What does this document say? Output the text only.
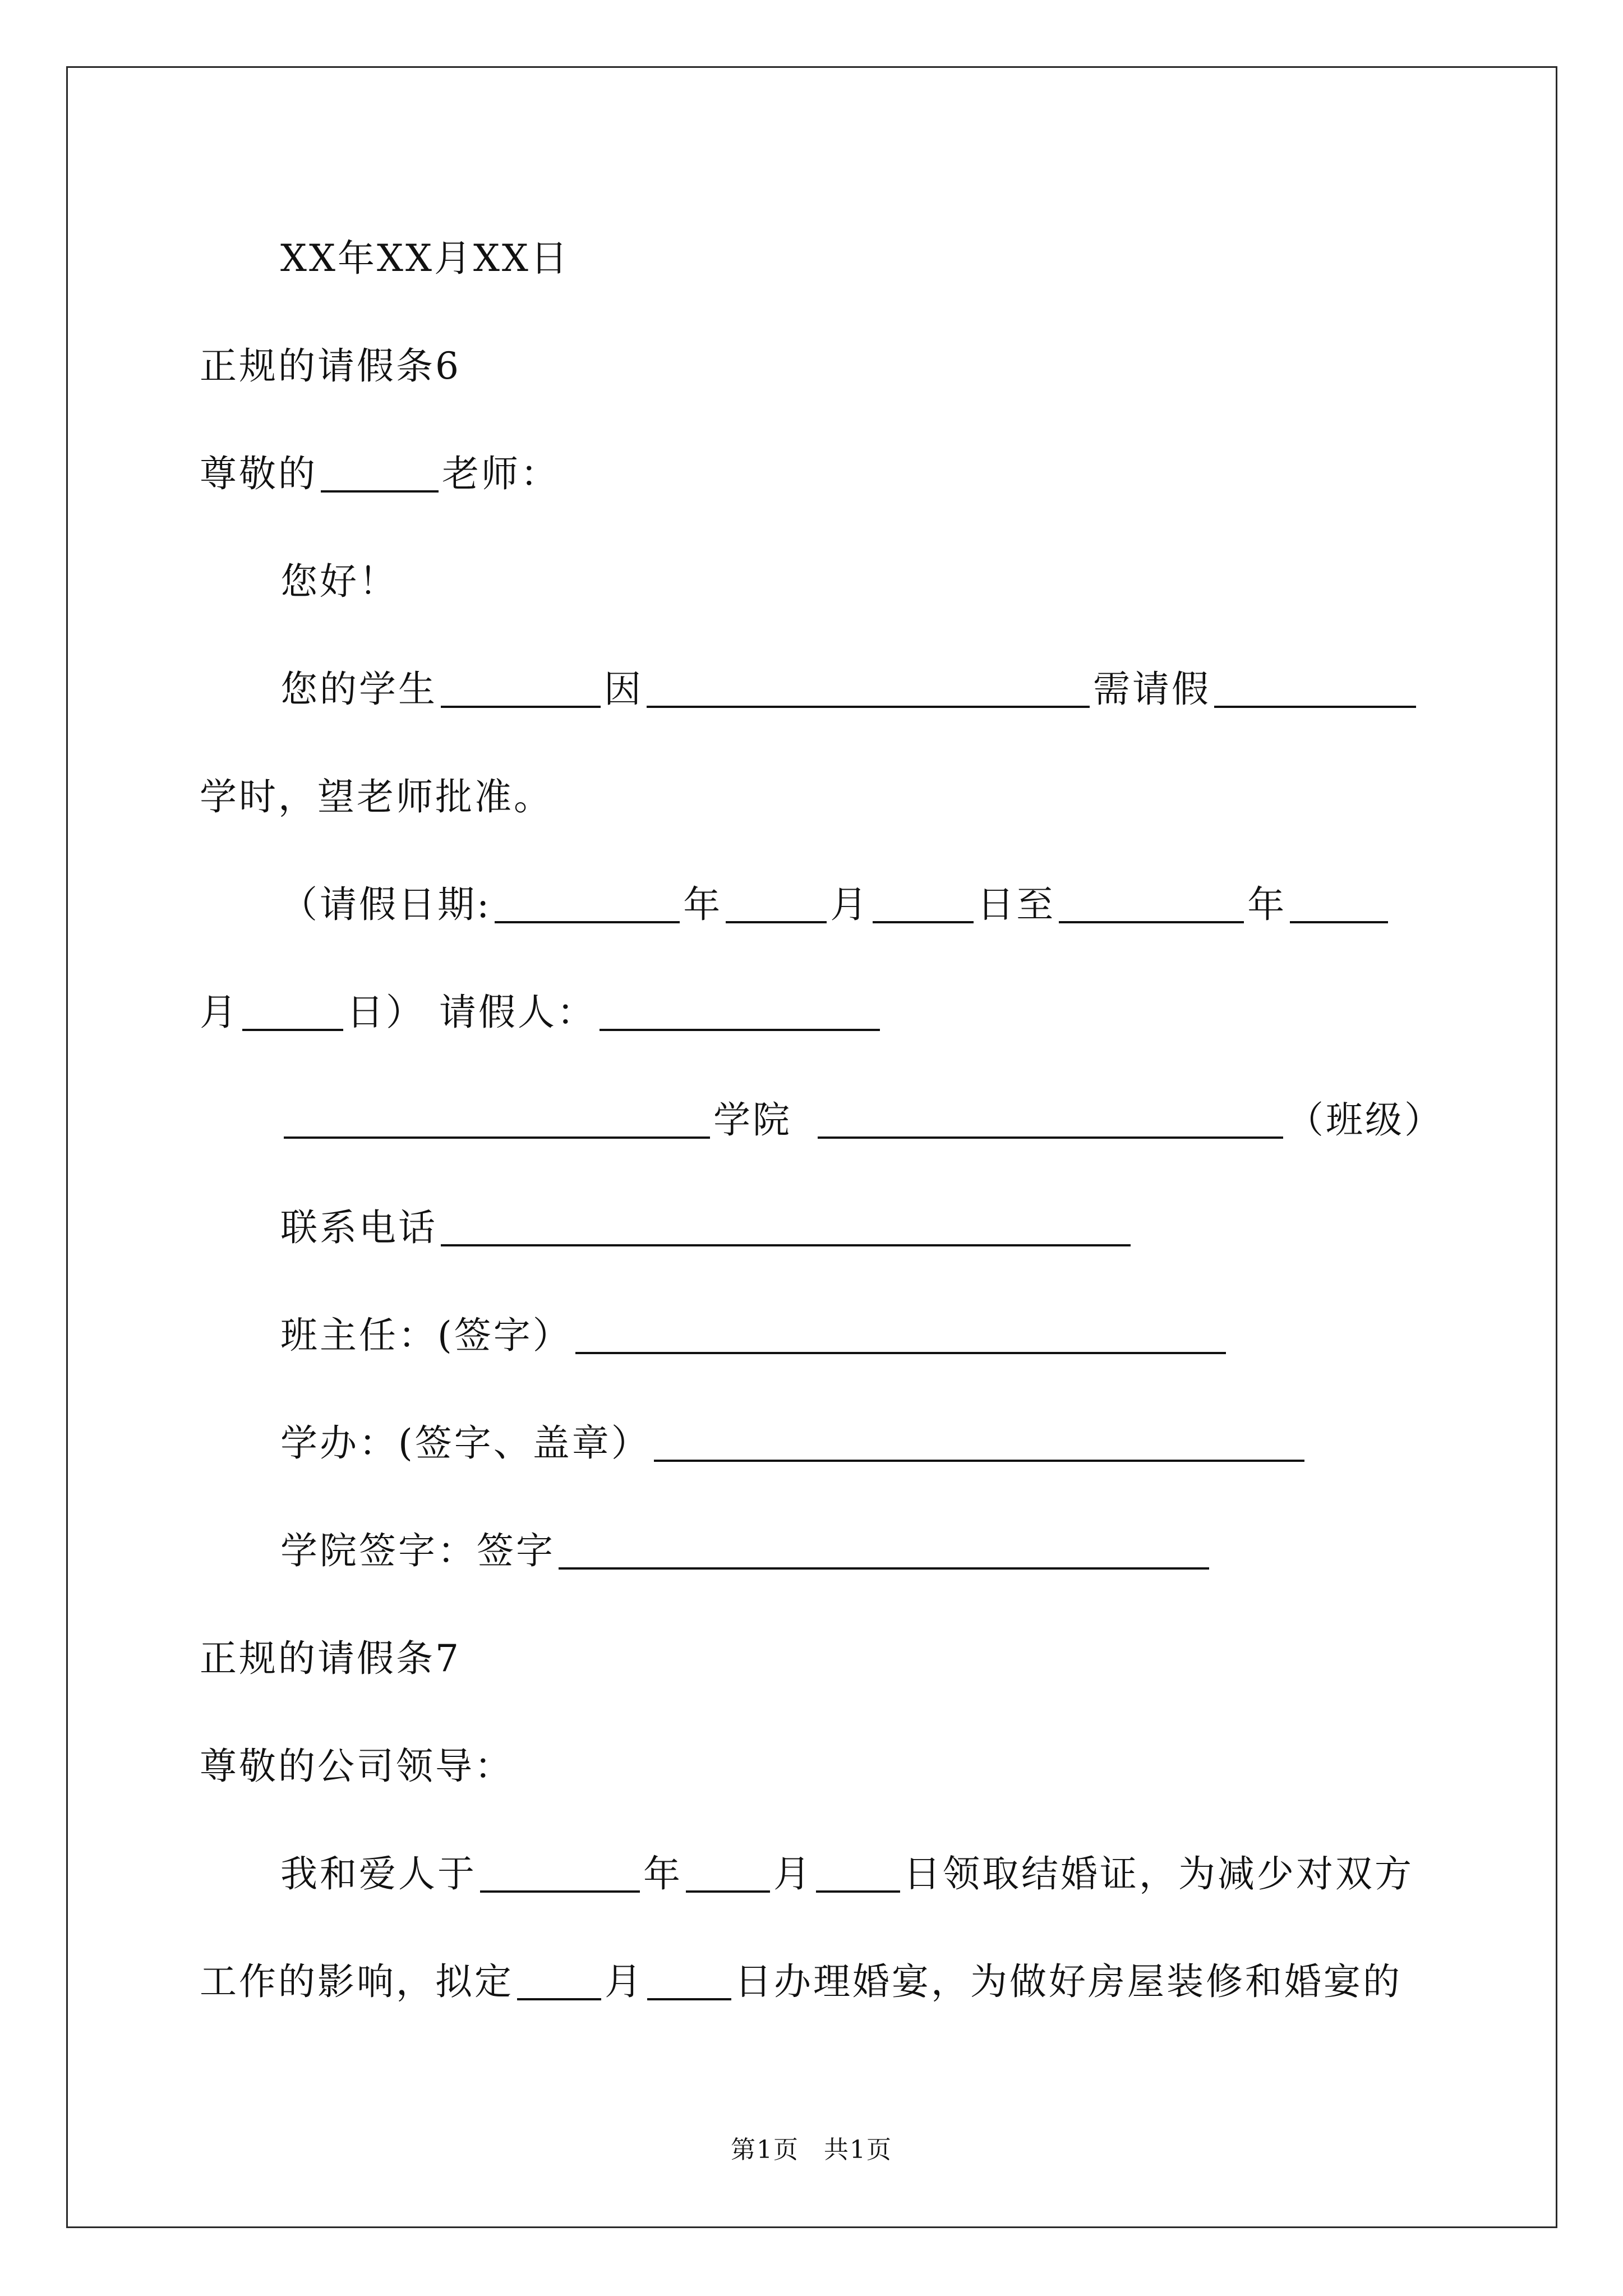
XX年XX月XX日
正规的请假条6
尊敬的	老师：
您好！
您的学生	因	需请假
学时，望老师批准。
（请假日期:	年	月	日至	年
月	日） 请假人：
学院	（班级）
联系电话
班主任：(签字）
学办：(签字、盖章）
学院签字：签字
正规的请假条7
尊敬的公司领导：
我和爱人于	年 月 日领取结婚证，为减少对双方
工作的影响，拟定 月 日办理婚宴，为做好房屋装修和婚宴的
第1页 共1页
